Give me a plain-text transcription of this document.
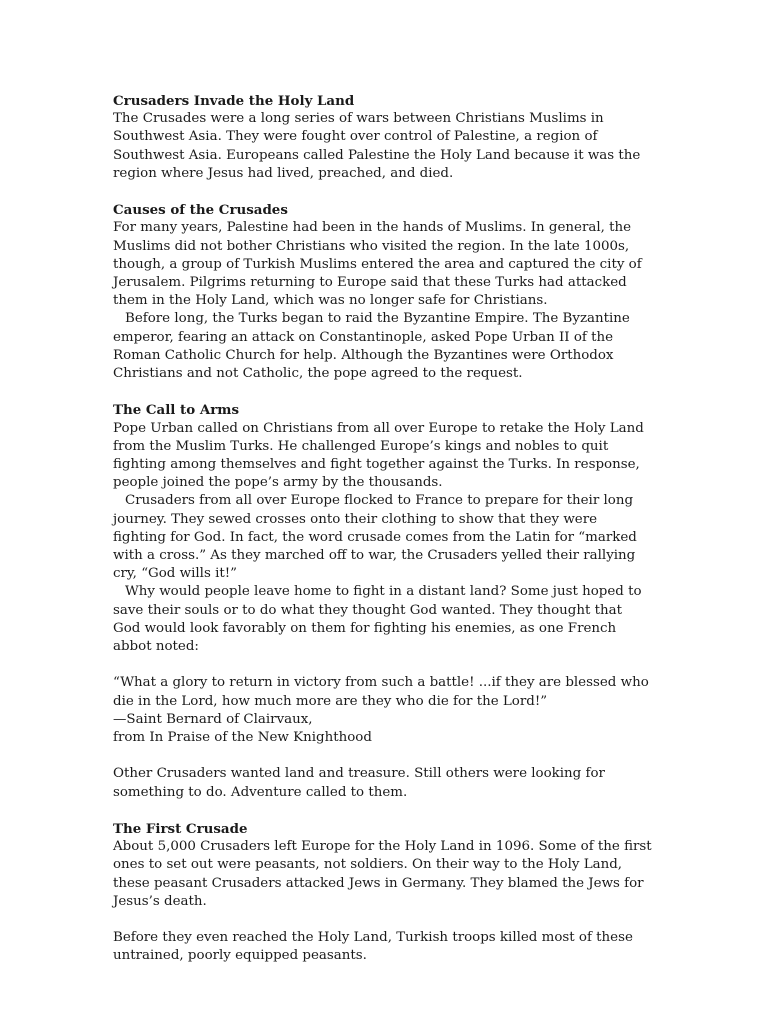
Crusaders Invade the Holy Land

The Crusades were a long series of wars between Christians Muslims in Southwest Asia. They were fought over control of Palestine, a region of Southwest Asia. Europeans called Palestine the Holy Land because it was the region where Jesus had lived, preached, and died.

Causes of the Crusades

For many years, Palestine had been in the hands of Muslims. In general, the Muslims did not bother Christians who visited the region. In the late 1000s, though, a group of Turkish Muslims entered the area and captured the city of Jerusalem. Pilgrims returning to Europe said that these Turks had attacked them in the Holy Land, which was no longer safe for Christians.

Before long, the Turks began to raid the Byzantine Empire. The Byzantine emperor, fearing an attack on Constantinople, asked Pope Urban II of the Roman Catholic Church for help. Although the Byzantines were Orthodox Christians and not Catholic, the pope agreed to the request.

The Call to Arms

Pope Urban called on Christians from all over Europe to retake the Holy Land from the Muslim Turks. He challenged Europe’s kings and nobles to quit fighting among themselves and fight together against the Turks. In response, people joined the pope’s army by the thousands.

Crusaders from all over Europe flocked to France to prepare for their long journey. They sewed crosses onto their clothing to show that they were fighting for God. In fact, the word crusade comes from the Latin for “marked with a cross.” As they marched off to war, the Crusaders yelled their rallying cry, “God wills it!”

Why would people leave home to fight in a distant land? Some just hoped to save their souls or to do what they thought God wanted. They thought that God would look favorably on them for fighting his enemies, as one French abbot noted:

“What a glory to return in victory from such a battle! ...if they are blessed who die in the Lord, how much more are they who die for the Lord!”

—Saint Bernard of Clairvaux,

from In Praise of the New Knighthood

Other Crusaders wanted land and treasure. Still others were looking for something to do. Adventure called to them.

The First Crusade

About 5,000 Crusaders left Europe for the Holy Land in 1096. Some of the first ones to set out were peasants, not soldiers. On their way to the Holy Land, these peasant Crusaders attacked Jews in Germany. They blamed the Jews for Jesus’s death.

Before they even reached the Holy Land, Turkish troops killed most of these untrained, poorly equipped peasants.
